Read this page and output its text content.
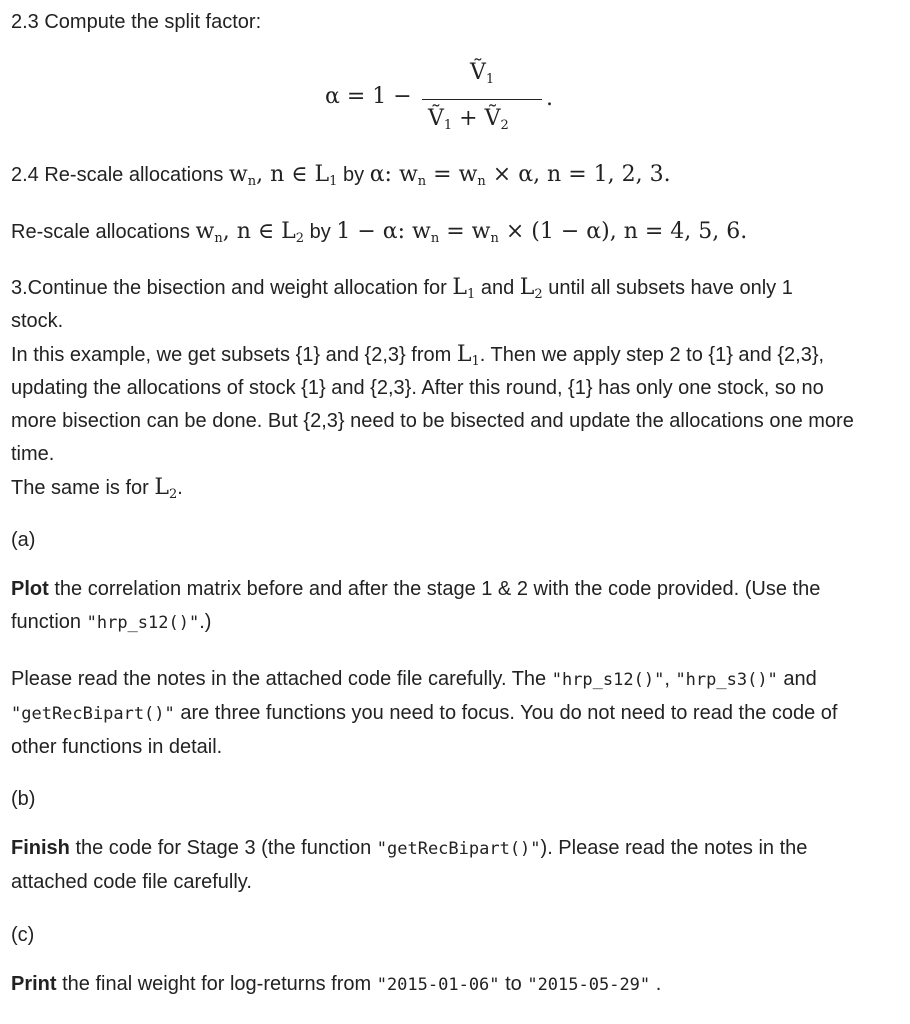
2.3 Compute the split factor:
α = 1 −
Ṽ$_1$
Ṽ$_1$ + Ṽ$_2$
.
2.4 Re-scale allocations $w_n$, n ∈ $L_1$ by α: $w_n = w_n \times \alpha$, n = 1, 2, 3.
Re-scale allocations $w_n$, n ∈ $L_2$ by 1 − α: $w_n = w_n \times (1 - \alpha)$, n = 4, 5, 6.
3.Continue the bisection and weight allocation for $L_1$ and $L_2$ until all subsets have only 1 stock.
In this example, we get subsets {1} and {2,3} from $L_1$. Then we apply step 2 to {1} and {2,3}, updating the allocations of stock {1} and {2,3}. After this round, {1} has only one stock, so no more bisection can be done. But {2,3} need to be bisected and update the allocations one more time.
The same is for $L_2$.
(a)
Plot the correlation matrix before and after the stage 1 & 2 with the code provided. (Use the function "hrp_s12()".)
Please read the notes in the attached code file carefully. The "hrp_s12()", "hrp_s3()" and "getRecBipart()" are three functions you need to focus. You do not need to read the code of other functions in detail.
(b)
Finish the code for Stage 3 (the function "getRecBipart()"). Please read the notes in the attached code file carefully.
(c)
Print the final weight for log-returns from "2015-01-06" to "2015-05-29" .
